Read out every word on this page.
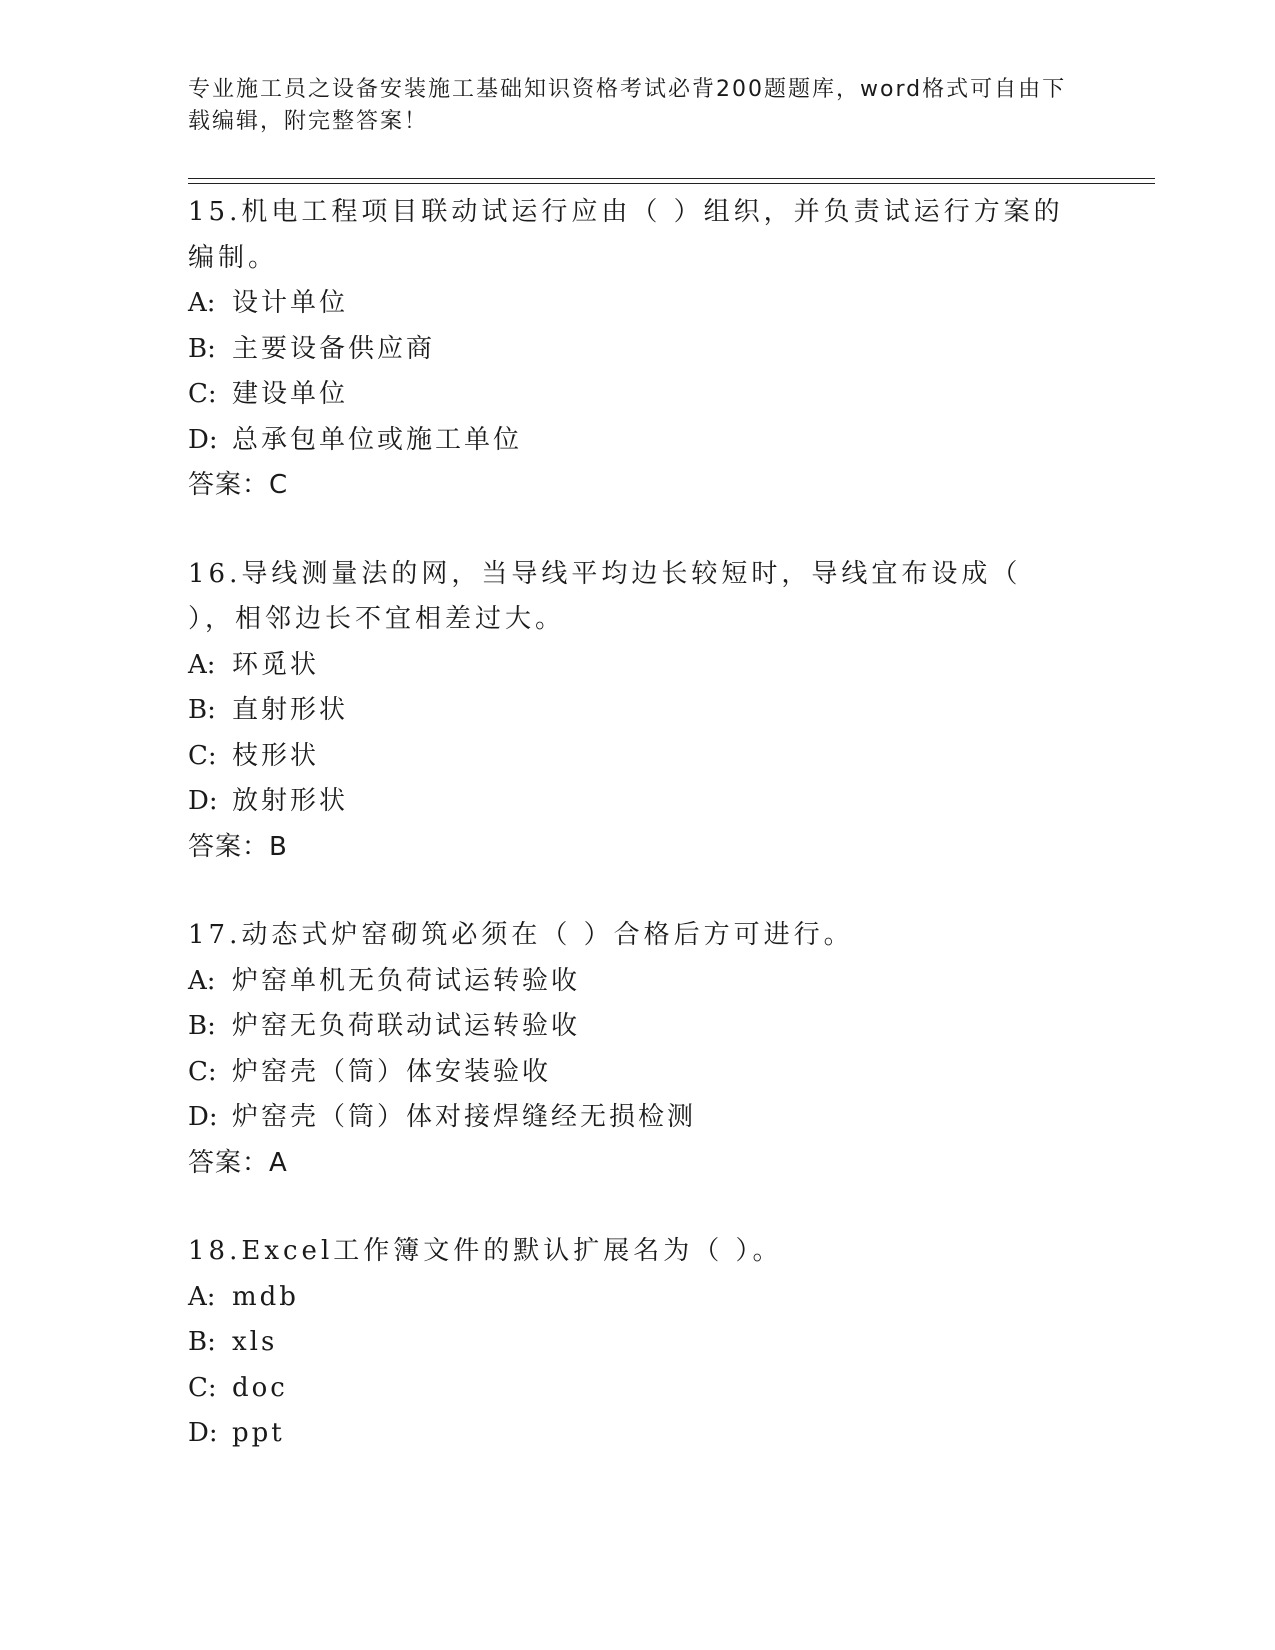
专业施工员之设备安装施工基础知识资格考试必背200题题库，word格式可自由下载编辑，附完整答案！
15.机电工程项目联动试运行应由（ ）组织，并负责试运行方案的编制。
A: 设计单位
B: 主要设备供应商
C: 建设单位
D: 总承包单位或施工单位
答案：C
16.导线测量法的网，当导线平均边长较短时，导线宜布设成（ ），相邻边长不宜相差过大。
A: 环觅状
B: 直射形状
C: 枝形状
D: 放射形状
答案：B
17.动态式炉窑砌筑必须在（ ）合格后方可进行。
A: 炉窑单机无负荷试运转验收
B: 炉窑无负荷联动试运转验收
C: 炉窑壳（筒）体安装验收
D: 炉窑壳（筒）体对接焊缝经无损检测
答案：A
18.Excel工作簿文件的默认扩展名为（ ）。
A: mdb
B: xls
C: doc
D: ppt
